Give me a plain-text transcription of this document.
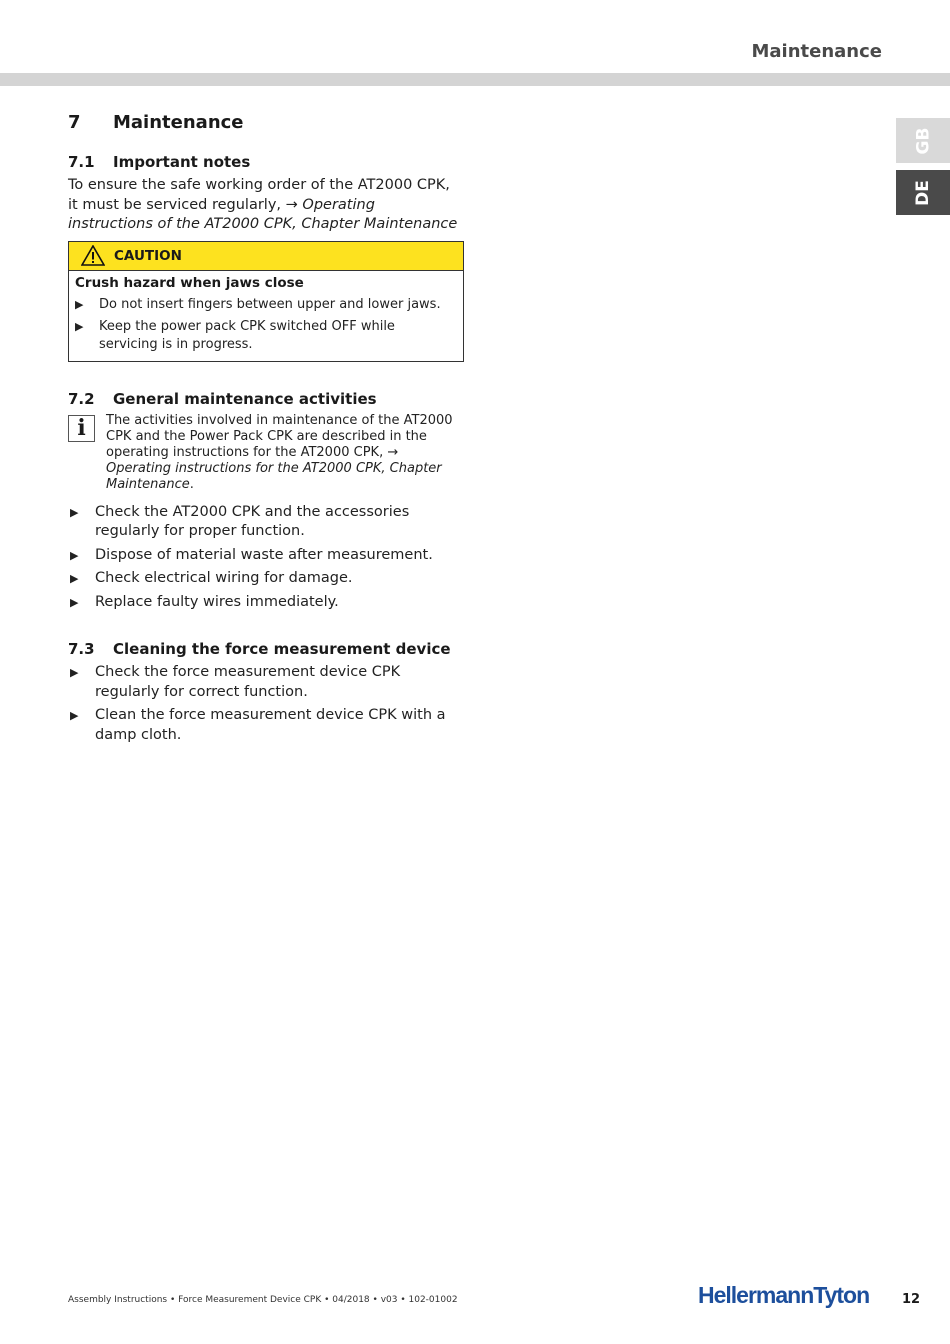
Maintenance
GB
DE
7	Maintenance
7.1	Important notes

To ensure the safe working order of the AT2000 CPK, it must be serviced regularly, → Operating instructions of the AT2000 CPK, Chapter Maintenance

CAUTION
Crush hazard when jaws close
▶	Do not insert fingers between upper and lower jaws.
▶	Keep the power pack CPK switched OFF while servicing is in progress.
7.2	General maintenance activities
i The activities involved in maintenance of the AT2000 CPK and the Power Pack CPK are described in the operating instructions for the AT2000 CPK, → Operating instructions for the AT2000 CPK, Chapter Maintenance.
▶	Check the AT2000 CPK and the accessories regularly for proper function.
▶	Dispose of material waste after measurement.
▶	Check electrical wiring for damage.
▶	Replace faulty wires immediately.
7.3	Cleaning the force measurement device
▶	Check the force measurement device CPK regularly for correct function.
▶	Clean the force measurement device CPK with a damp cloth.
Assembly Instructions • Force Measurement Device CPK • 04/2018 • v03 • 102-01002	HellermannTyton	12
